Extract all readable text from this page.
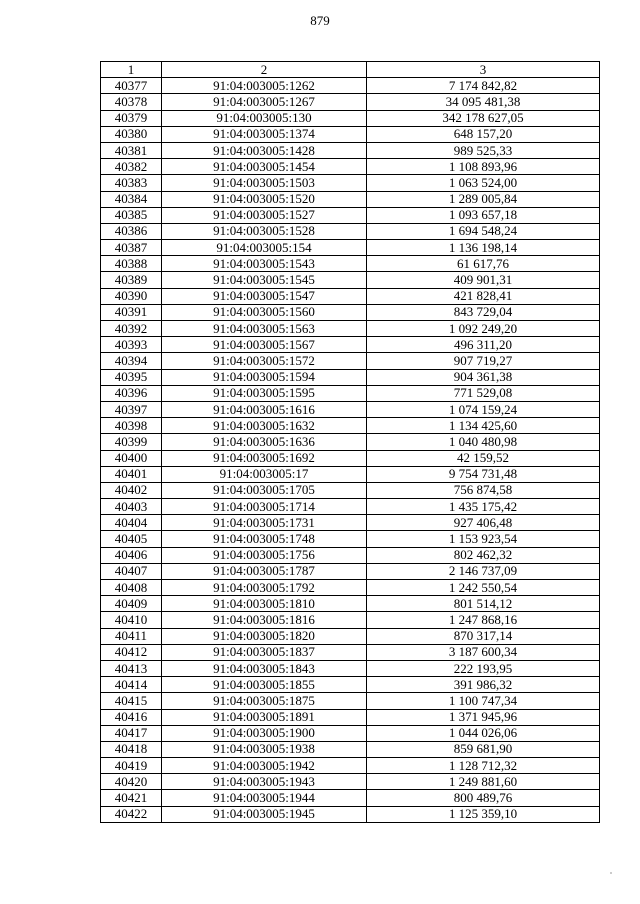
879
1	2	3
40377	91:04:003005:1262	7 174 842,82
40378	91:04:003005:1267	34 095 481,38
40379	91:04:003005:130	342 178 627,05
40380	91:04:003005:1374	648 157,20
40381	91:04:003005:1428	989 525,33
40382	91:04:003005:1454	1 108 893,96
40383	91:04:003005:1503	1 063 524,00
40384	91:04:003005:1520	1 289 005,84
40385	91:04:003005:1527	1 093 657,18
40386	91:04:003005:1528	1 694 548,24
40387	91:04:003005:154	1 136 198,14
40388	91:04:003005:1543	61 617,76
40389	91:04:003005:1545	409 901,31
40390	91:04:003005:1547	421 828,41
40391	91:04:003005:1560	843 729,04
40392	91:04:003005:1563	1 092 249,20
40393	91:04:003005:1567	496 311,20
40394	91:04:003005:1572	907 719,27
40395	91:04:003005:1594	904 361,38
40396	91:04:003005:1595	771 529,08
40397	91:04:003005:1616	1 074 159,24
40398	91:04:003005:1632	1 134 425,60
40399	91:04:003005:1636	1 040 480,98
40400	91:04:003005:1692	42 159,52
40401	91:04:003005:17	9 754 731,48
40402	91:04:003005:1705	756 874,58
40403	91:04:003005:1714	1 435 175,42
40404	91:04:003005:1731	927 406,48
40405	91:04:003005:1748	1 153 923,54
40406	91:04:003005:1756	802 462,32
40407	91:04:003005:1787	2 146 737,09
40408	91:04:003005:1792	1 242 550,54
40409	91:04:003005:1810	801 514,12
40410	91:04:003005:1816	1 247 868,16
40411	91:04:003005:1820	870 317,14
40412	91:04:003005:1837	3 187 600,34
40413	91:04:003005:1843	222 193,95
40414	91:04:003005:1855	391 986,32
40415	91:04:003005:1875	1 100 747,34
40416	91:04:003005:1891	1 371 945,96
40417	91:04:003005:1900	1 044 026,06
40418	91:04:003005:1938	859 681,90
40419	91:04:003005:1942	1 128 712,32
40420	91:04:003005:1943	1 249 881,60
40421	91:04:003005:1944	800 489,76
40422	91:04:003005:1945	1 125 359,10
